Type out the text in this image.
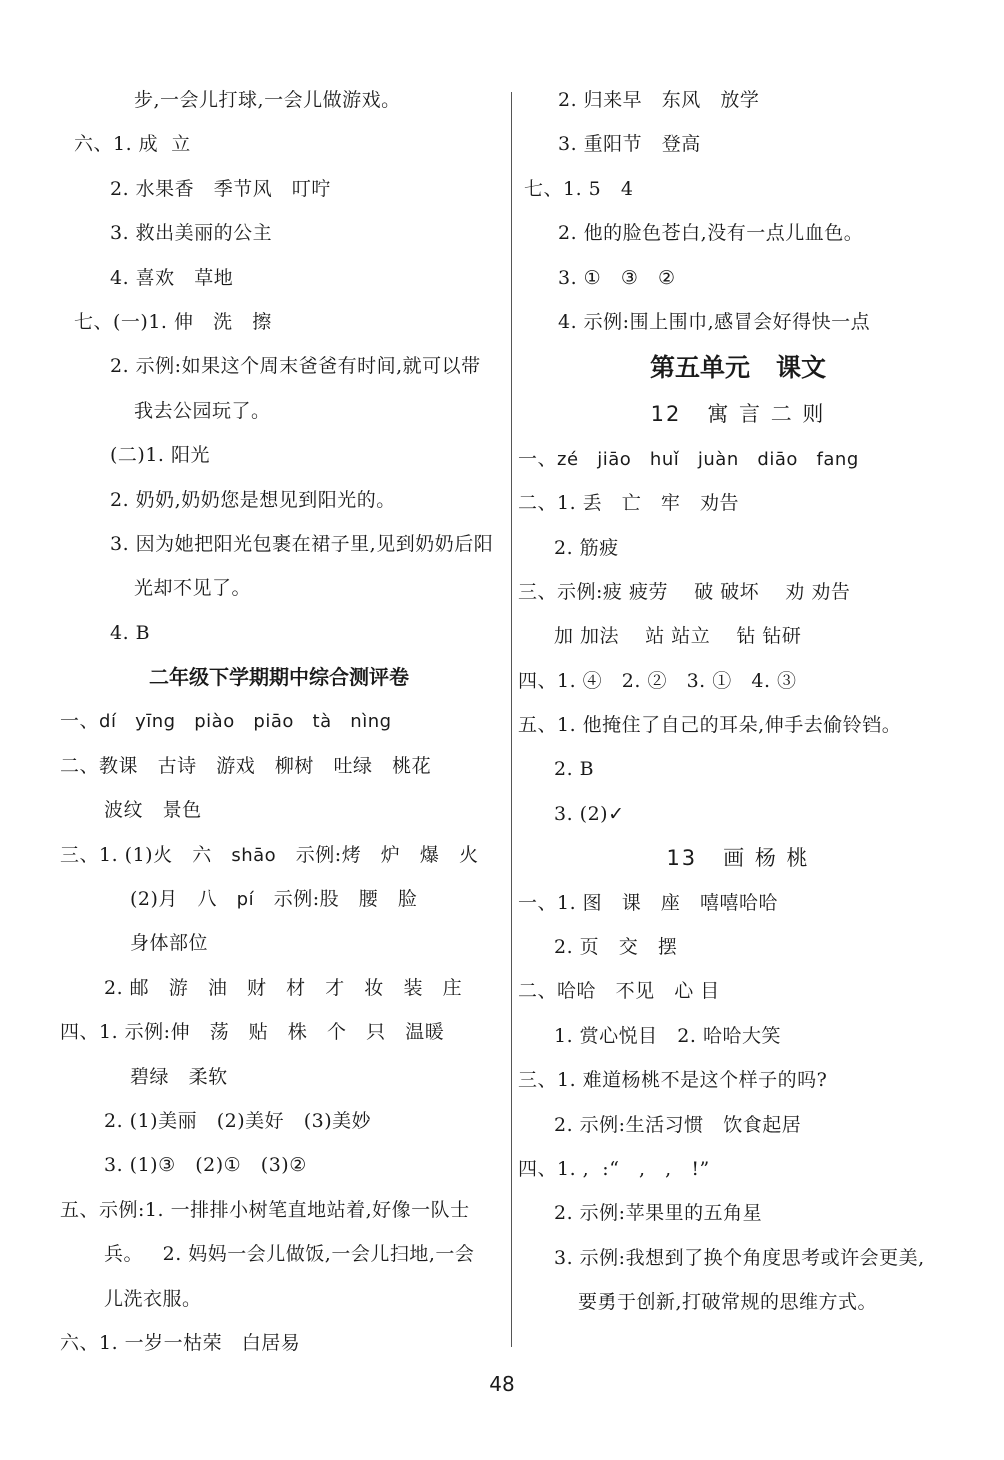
步,一会儿打球,一会儿做游戏。
六、1. 成  立
2. 水果香   季节风   叮咛
3. 救出美丽的公主
4. 喜欢   草地
七、(一)1. 伸   洗   擦
2. 示例:如果这个周末爸爸有时间,就可以带
我去公园玩了。
(二)1. 阳光
2. 奶奶,奶奶您是想见到阳光的。
3. 因为她把阳光包裹在裙子里,见到奶奶后阳
光却不见了。
4. B
二年级下学期期中综合测评卷
一、dí   yīng   piào   piāo   tà   nìng
二、教课   古诗   游戏   柳树   吐绿   桃花
波纹   景色
三、1. (1)火   六   shāo   示例:烤   炉   爆   火
(2)月   八   pí   示例:股   腰   脸
身体部位
2. 邮   游   油   财   材   才   妆   装   庄
四、1. 示例:伸   荡   贴   株   个   只   温暖
碧绿   柔软
2. (1)美丽   (2)美好   (3)美妙
3. (1)③   (2)①   (3)②
五、示例:1. 一排排小树笔直地站着,好像一队士
兵。   2. 妈妈一会儿做饭,一会儿扫地,一会
儿洗衣服。
六、1. 一岁一枯荣   白居易
2. 归来早   东风   放学
3. 重阳节   登高
七、1. 5   4
2. 他的脸色苍白,没有一点儿血色。
3. ①   ③   ②
4. 示例:围上围巾,感冒会好得快一点
第五单元   课文
12   寓 言 二 则
一、zé   jiāo   huǐ   juàn   diāo   fang
二、1. 丢   亡   牢   劝告
2. 筋疲
三、示例:疲 疲劳    破 破坏    劝 劝告
加 加法    站 站立    钻 钻研
四、1. ④   2. ②   3. ①   4. ③
五、1. 他掩住了自己的耳朵,伸手去偷铃铛。
2. B
3. (2)✓
13   画 杨 桃
一、1. 图   课   座   嘻嘻哈哈
2. 页   交   摆
二、哈哈   不见   心 目
1. 赏心悦目   2. 哈哈大笑
三、1. 难道杨桃不是这个样子的吗?
2. 示例:生活习惯   饮食起居
四、1. ,  :“   ,   ,   !”
2. 示例:苹果里的五角星
3. 示例:我想到了换个角度思考或许会更美,
要勇于创新,打破常规的思维方式。
48
